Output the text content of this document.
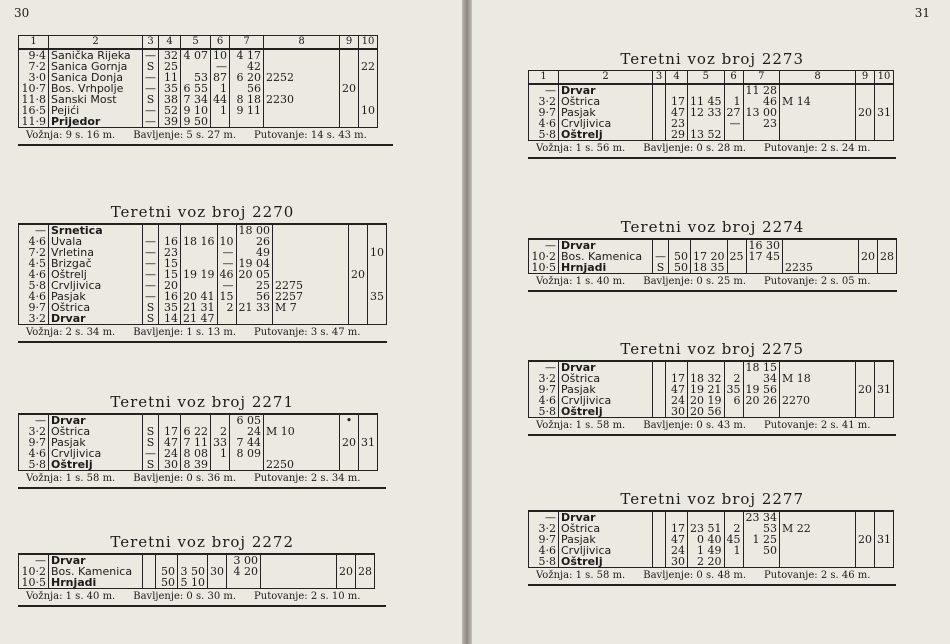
30
1	2	3	4	5	6	7	8	9	10
9·4	Sanička Rijeka	—	32	4 07	10	4 17			
7·2	Sanica Gornja	S	25		—	42			22
3·0	Sanica Donja	—	11	53	87	6 20	2252		
10·7	Bos. Vrhpolje	—	35	6 55	1	56		20	
11·8	Sanski Most	S	38	7 34	44	8 18	2230		
16·5	Pejići	—	52	9 10	1	9 11			10
11·9	Prijedor	—	39	9 50					
Vožnja: 9 s. 16 m. Bavljenje: 5 s. 27 m. Putovanje: 14 s. 43 m.
Teretni voz broj 2270
—	Srnetica					18 00			
4·6	Uvala	—	16	18 16	10	26			
7·2	Vrletina	—	23		—	49			10
4·5	Brizgač	—	15		—	19 04			
4·6	Oštrelj	—	15	19 19	46	20 05		20	
5·8	Crvljivica	—	20		—	25	2275		
4·6	Pasjak	—	16	20 41	15	56	2257		35
9·7	Oštrica	S	35	21 31	2	21 33	M 7		
3·2	Drvar	S	14	21 47					
Vožnja: 2 s. 34 m. Bavljenje: 1 s. 13 m. Putovanje: 3 s. 47 m.
Teretni voz broj 2271
—	Drvar					6 05		•	
3·2	Oštrica	S	17	6 22	2	24	M 10		
9·7	Pasjak	S	47	7 11	33	7 44		20	31
4·6	Crvljivica	—	24	8 08	1	8 09			
5·8	Oštrelj	S	30	8 39			2250		
Vožnja: 1 s. 58 m. Bavljenje: 0 s. 36 m. Putovanje: 2 s. 34 m.
Teretni voz broj 2272
—	Drvar					3 00			
10·2	Bos. Kamenica		50	3 50	30	4 20		20	28
10·5	Hrnjadi		50	5 10					
Vožnja: 1 s. 40 m. Bavljenje: 0 s. 30 m. Putovanje: 2 s. 10 m.
31
Teretni voz broj 2273
1	2	3	4	5	6	7	8	9	10
—	Drvar					11 28			
3·2	Oštrica		17	11 45	1	46	M 14		
9·7	Pasjak		47	12 33	27	13 00		20	31
4·6	Crvljivica		23		—	23			
5·8	Oštrelj		29	13 52					
Vožnja: 1 s. 56 m. Bavljenje: 0 s. 28 m. Putovanje: 2 s. 24 m.
Teretni voz broj 2274
—	Drvar					16 30			
10·2	Bos. Kamenica	—	50	17 20	25	17 45		20	28
10·5	Hrnjadi	S	50	18 35			2235		
Vožnja: 1 s. 40 m. Bavljenje: 0 s. 25 m. Putovanje: 2 s. 05 m.
Teretni voz broj 2275
—	Drvar					18 15			
3·2	Oštrica		17	18 32	2	34	M 18		
9·7	Pasjak		47	19 21	35	19 56		20	31
4·6	Crvljivica		24	20 19	6	20 26	2270		
5·8	Oštrelj		30	20 56					
Vožnja: 1 s. 58 m. Bavljenje: 0 s. 43 m. Putovanje: 2 s. 41 m.
Teretni voz broj 2277
—	Drvar					23 34			
3·2	Oštrica		17	23 51	2	53	M 22		
9·7	Pasjak		47	0 40	45	1 25		20	31
4·6	Crvljivica		24	1 49	1	50			
5·8	Oštrelj		30	2 20					
Vožnja: 1 s. 58 m. Bavljenje: 0 s. 48 m. Putovanje: 2 s. 46 m.
